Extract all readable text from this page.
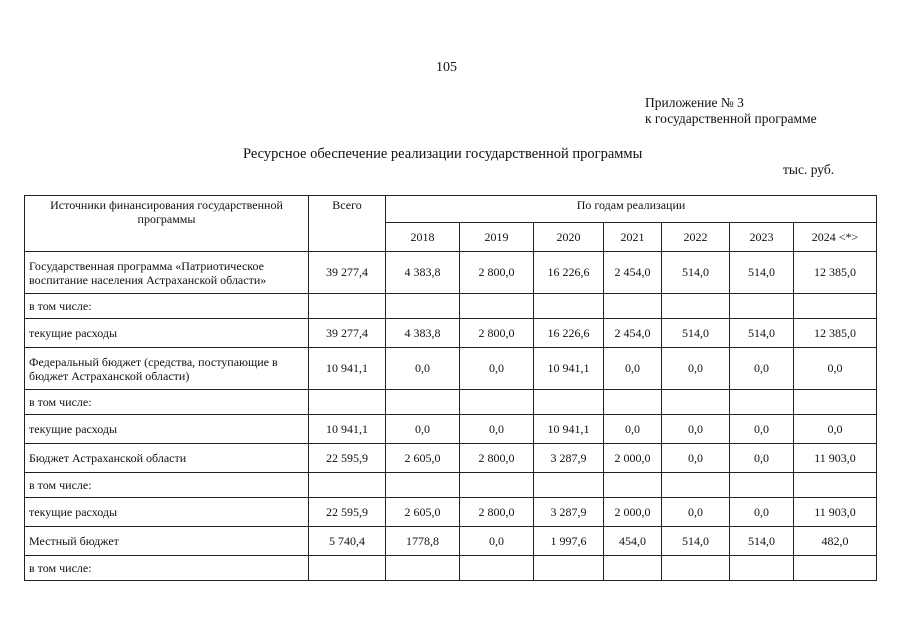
105
Приложение № 3
к государственной программе
Ресурсное обеспечение реализации государственной программы
тыс. руб.
Источники финансирования государственной программы	Всего	По годам реализации						
		2018	2019	2020	2021	2022	2023	2024 <*>
Государственная программа «Патриотическое воспитание населения Астраханской области»	39 277,4	4 383,8	2 800,0	16 226,6	2 454,0	514,0	514,0	12 385,0
в том числе:								
текущие расходы	39 277,4	4 383,8	2 800,0	16 226,6	2 454,0	514,0	514,0	12 385,0
Федеральный бюджет (средства, поступающие в бюджет Астраханской области)	10 941,1	0,0	0,0	10 941,1	0,0	0,0	0,0	0,0
в том числе:								
текущие расходы	10 941,1	0,0	0,0	10 941,1	0,0	0,0	0,0	0,0
Бюджет Астраханской области	22 595,9	2 605,0	2 800,0	3 287,9	2 000,0	0,0	0,0	11 903,0
в том числе:								
текущие расходы	22 595,9	2 605,0	2 800,0	3 287,9	2 000,0	0,0	0,0	11 903,0
Местный бюджет	5 740,4	1778,8	0,0	1 997,6	454,0	514,0	514,0	482,0
в том числе:								
